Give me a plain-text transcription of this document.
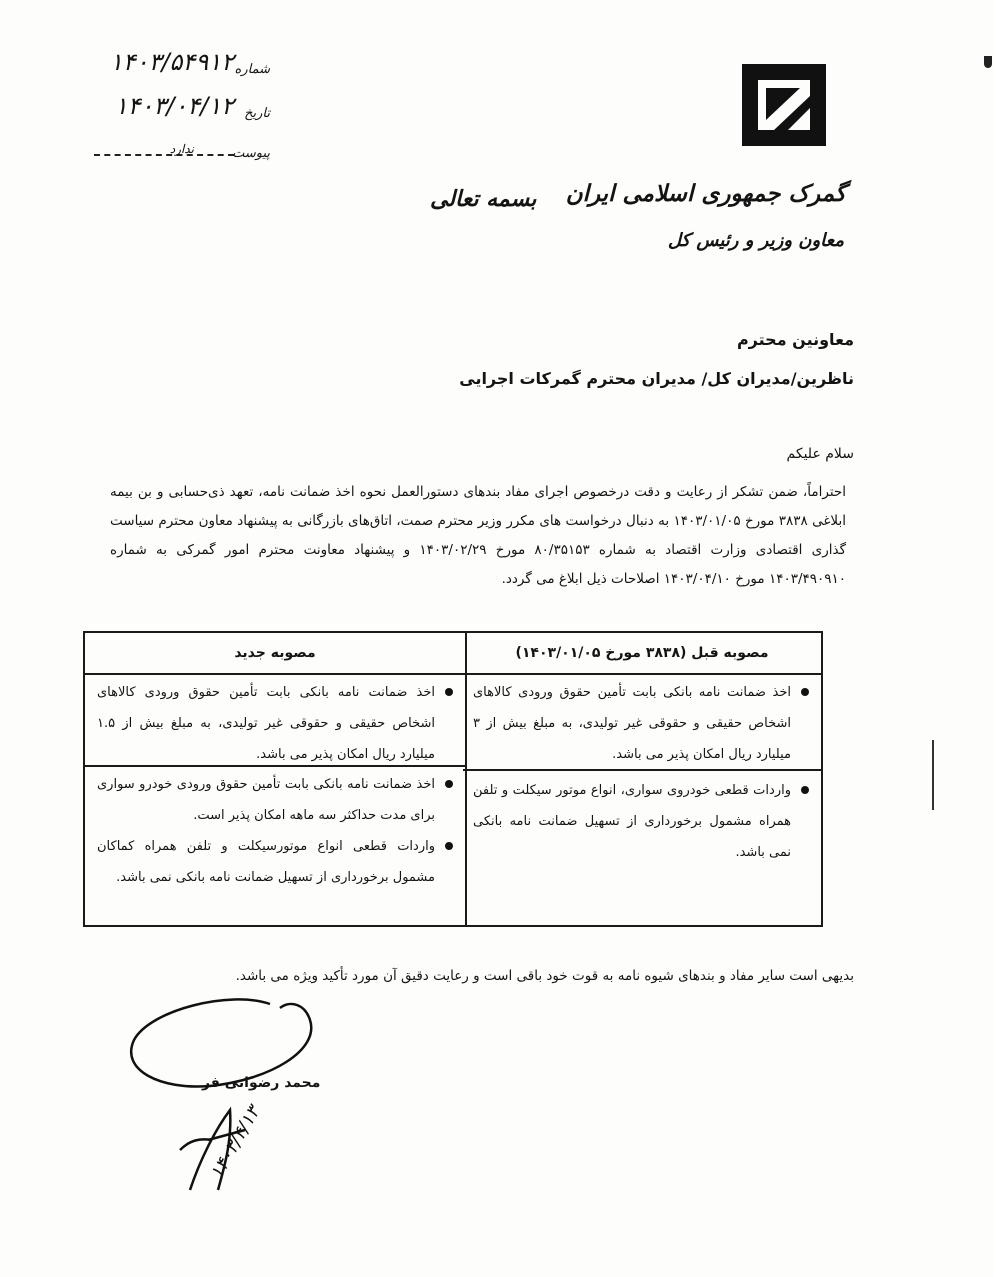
گمرک جمهوری اسلامی ایران
معاون وزیر و رئیس کل
شماره
۱۴۰۳/۵۴۹۱۲
تاریخ
۱۴۰۳/۰۴/۱۲
پیوست
ندارد
بسمه تعالی
معاونین محترم
ناظرین/مدیران کل/ مدیران محترم گمرکات اجرایی
سلام علیکم

احتراماً، ضمن تشکر از رعایت و دقت درخصوص اجرای مفاد بندهای دستورالعمل نحوه اخذ ضمانت نامه، تعهد ذی‌حسابی و بن بیمه ابلاغی ۳۸۳۸ مورخ ۱۴۰۳/۰۱/۰۵ به دنبال درخواست های مکرر وزیر محترم صمت، اتاق‌های بازرگانی به پیشنهاد معاون محترم سیاست گذاری اقتصادی وزارت اقتصاد به شماره ۸۰/۳۵۱۵۳ مورخ ۱۴۰۳/۰۲/۲۹ و پیشنهاد معاونت محترم امور گمرکی به شماره ۱۴۰۳/۴۹۰۹۱۰ مورخ ۱۴۰۳/۰۴/۱۰ اصلاحات ذیل ابلاغ می گردد.

مصوبه قبل (۳۸۳۸ مورخ ۱۴۰۳/۰۱/۰۵)
مصوبه جدید
اخذ ضمانت نامه بانکی بابت تأمین حقوق ورودی کالاهای اشخاص حقیقی و حقوقی غیر تولیدی، به مبلغ بیش از ۳ میلیارد ریال امکان پذیر می باشد.
واردات قطعی خودروی سواری، انواع موتور سیکلت و تلفن همراه مشمول برخورداری از تسهیل ضمانت نامه بانکی نمی باشد.
اخذ ضمانت نامه بانکی بابت تأمین حقوق ورودی کالاهای اشخاص حقیقی و حقوقی غیر تولیدی، به مبلغ بیش از ۱.۵ میلیارد ریال امکان پذیر می باشد.
اخذ ضمانت نامه بانکی بابت تأمین حقوق ورودی خودرو سواری برای مدت حداکثر سه ماهه امکان پذیر است.
واردات قطعی انواع موتورسیکلت و تلفن همراه کماکان مشمول برخورداری از تسهیل ضمانت نامه بانکی نمی باشد.
بدیهی است سایر مفاد و بندهای شیوه نامه به قوت خود باقی است و رعایت دقیق آن مورد تأکید ویژه می باشد.
۱۴۰۳/۴/۱۳
محمد رضوانی فر
